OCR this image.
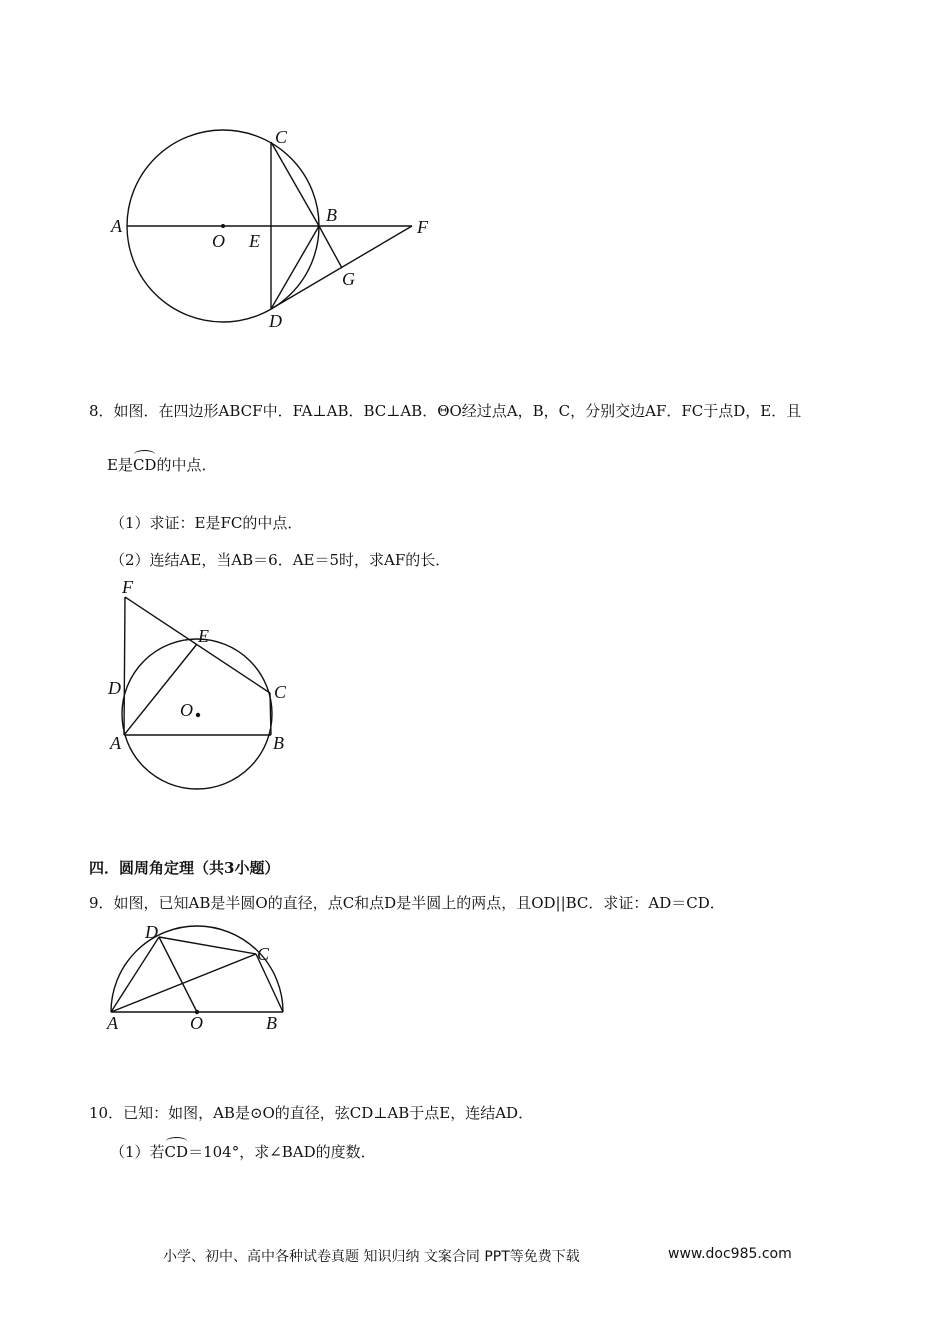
A
O E
B
C
D
F
G
8．如图．在四边形ABCF中．FA⊥AB．BC⊥AB．ΘO经过点A，B，C，分别交边AF．FC于点D，E．且
E是CD的中点．
（1）求证：E是FC的中点．
（2）连结AE，当AB＝6．AE＝5时，求AF的长．
F
E
D	C
O
A	B
四．圆周角定理（共3小题）
9．如图，已知AB是半圆O的直径，点C和点D是半圆上的两点，且OD||BC．求证：AD＝CD．
D
C
A	O	B
10．已知：如图，AB是⊙O的直径，弦CD⊥AB于点E，连结AD．
（1）若CD＝104°，求∠BAD的度数．
小学、初中、高中各种试卷真题 知识归纳 文案合同 PPT等免费下载	www.doc985.com
